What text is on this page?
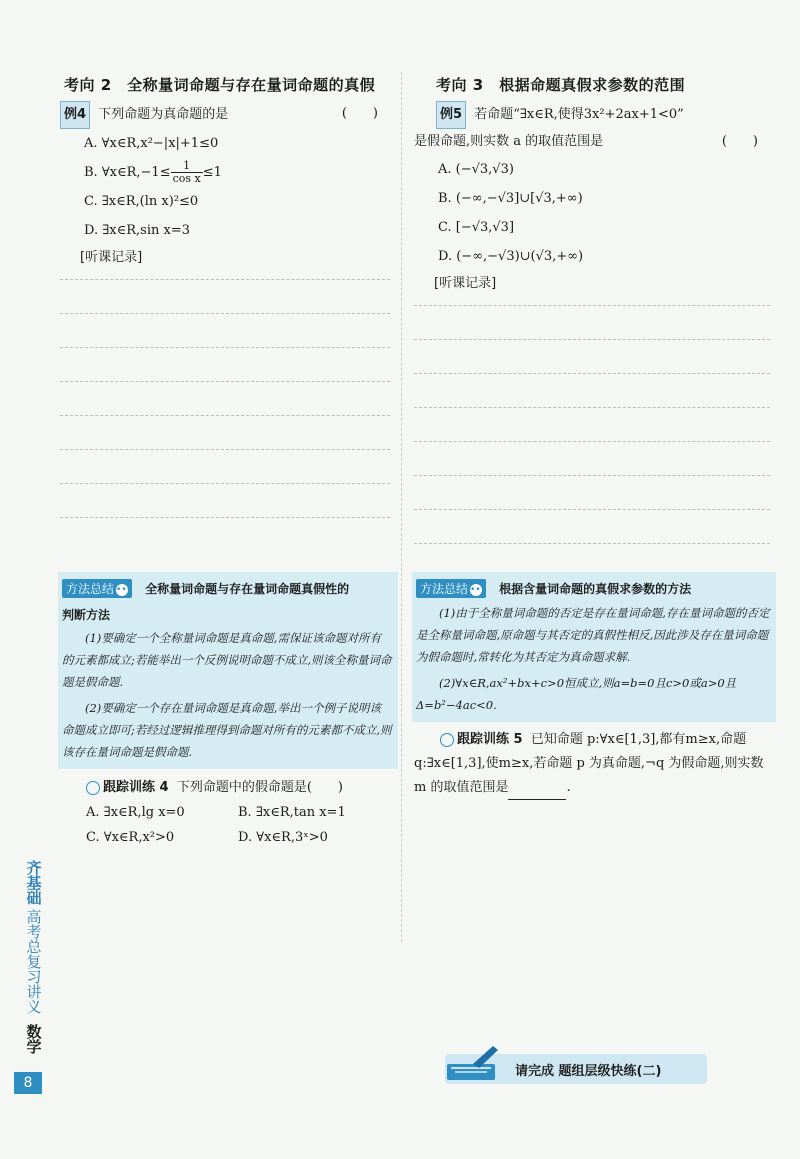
考向 2　全称量词命题与存在量词命题的真假
例4 下列命题为真命题的是	(　　)
A. ∀x∈R,x²−|x|+1≤0
B. ∀x∈R,−1≤ $\frac{1}{\text{cos x}} \le 1$
C. ∃x∈R,(ln x)²≤0
D. ∃x∈R,sin x=3
[听课记录]
方法总结 ••• 全称量词命题与存在量词命题真假性的
判断方法
(1)要确定一个全称量词命题是真命题,需保证该命题对所有的元素都成立;若能举出一个反例说明命题不成立,则该全称量词命题是假命题.
(2)要确定一个存在量词命题是真命题,举出一个例子说明该命题成立即可;若经过逻辑推理得到命题对所有的元素都不成立,则该存在量词命题是假命题.
跟踪训练 4 下列命题中的假命题是(　　)
A. ∃x∈R,lg x=0	B. ∃x∈R,tan x=1
C. ∀x∈R,x²>0	D. ∀x∈R,3ˣ>0
考向 3　根据命题真假求参数的范围
例5 若命题“∃x∈R,使得3x²+2ax+1<0”
是假命题,则实数 a 的取值范围是	(　　)
A. (−√3,√3)
B. (−∞,−√3]∪[√3,+∞)
C. [−√3,√3]
D. (−∞,−√3)∪(√3,+∞)
[听课记录]
方法总结 ••• 根据含量词命题的真假求参数的方法
(1)由于全称量词命题的否定是存在量词命题,存在量词命题的否定是全称量词命题,原命题与其否定的真假性相反,因此涉及存在量词命题为假命题时,常转化为其否定为真命题求解.
(2)∀x∈R,ax²+bx+c>0恒成立,则a=b=0且c>0或a>0且Δ=b²−4ac<0.
跟踪训练 5 已知命题 p:∀x∈[1,3],都有m≥x,命题 q:∃x∈[1,3],使m≥x,若命题 p 为真命题,¬q 为假命题,则实数 m 的取值范围是	.
齐基础
高考总复习讲义
数学
8
请完成 题组层级快练(二)
